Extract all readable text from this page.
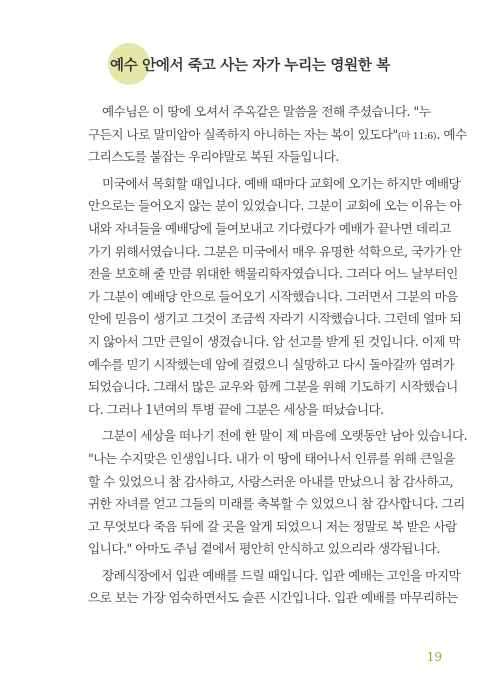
예수 안에서 죽고 사는 자가 누리는 영원한 복
예수님은 이 땅에 오셔서 주옥같은 말씀을 전해 주셨습니다. "누
구든지 나로 말미암아 실족하지 아니하는 자는 복이 있도다"(마 11:6). 예수
그리스도를 붙잡는 우리야말로 복된 자들입니다.
미국에서 목회할 때입니다. 예배 때마다 교회에 오기는 하지만 예배당
안으로는 들어오지 않는 분이 있었습니다. 그분이 교회에 오는 이유는 아
내와 자녀들을 예배당에 들여보내고 기다렸다가 예배가 끝나면 데리고
가기 위해서였습니다. 그분은 미국에서 매우 유명한 석학으로, 국가가 안
전을 보호해 줄 만큼 위대한 핵물리학자였습니다. 그러다 어느 날부터인
가 그분이 예배당 안으로 들어오기 시작했습니다. 그러면서 그분의 마음
안에 믿음이 생기고 그것이 조금씩 자라기 시작했습니다. 그런데 얼마 되
지 않아서 그만 큰일이 생겼습니다. 암 선고를 받게 된 것입니다. 이제 막
예수를 믿기 시작했는데 암에 걸렸으니 실망하고 다시 돌아갈까 염려가
되었습니다. 그래서 많은 교우와 함께 그분을 위해 기도하기 시작했습니
다. 그러나 1년여의 투병 끝에 그분은 세상을 떠났습니다.
그분이 세상을 떠나기 전에 한 말이 제 마음에 오랫동안 남아 있습니다.
"나는 수지맞은 인생입니다. 내가 이 땅에 태어나서 인류를 위해 큰일을
할 수 있었으니 참 감사하고, 사랑스러운 아내를 만났으니 참 감사하고,
귀한 자녀를 얻고 그들의 미래를 축복할 수 있었으니 참 감사합니다. 그리
고 무엇보다 죽음 뒤에 갈 곳을 알게 되었으니 저는 정말로 복 받은 사람
입니다." 아마도 주님 곁에서 평안히 안식하고 있으리라 생각됩니다.
장례식장에서 입관 예배를 드릴 때입니다. 입관 예배는 고인을 마지막
으로 보는 가장 엄숙하면서도 슬픈 시간입니다. 입관 예배를 마무리하는
19
